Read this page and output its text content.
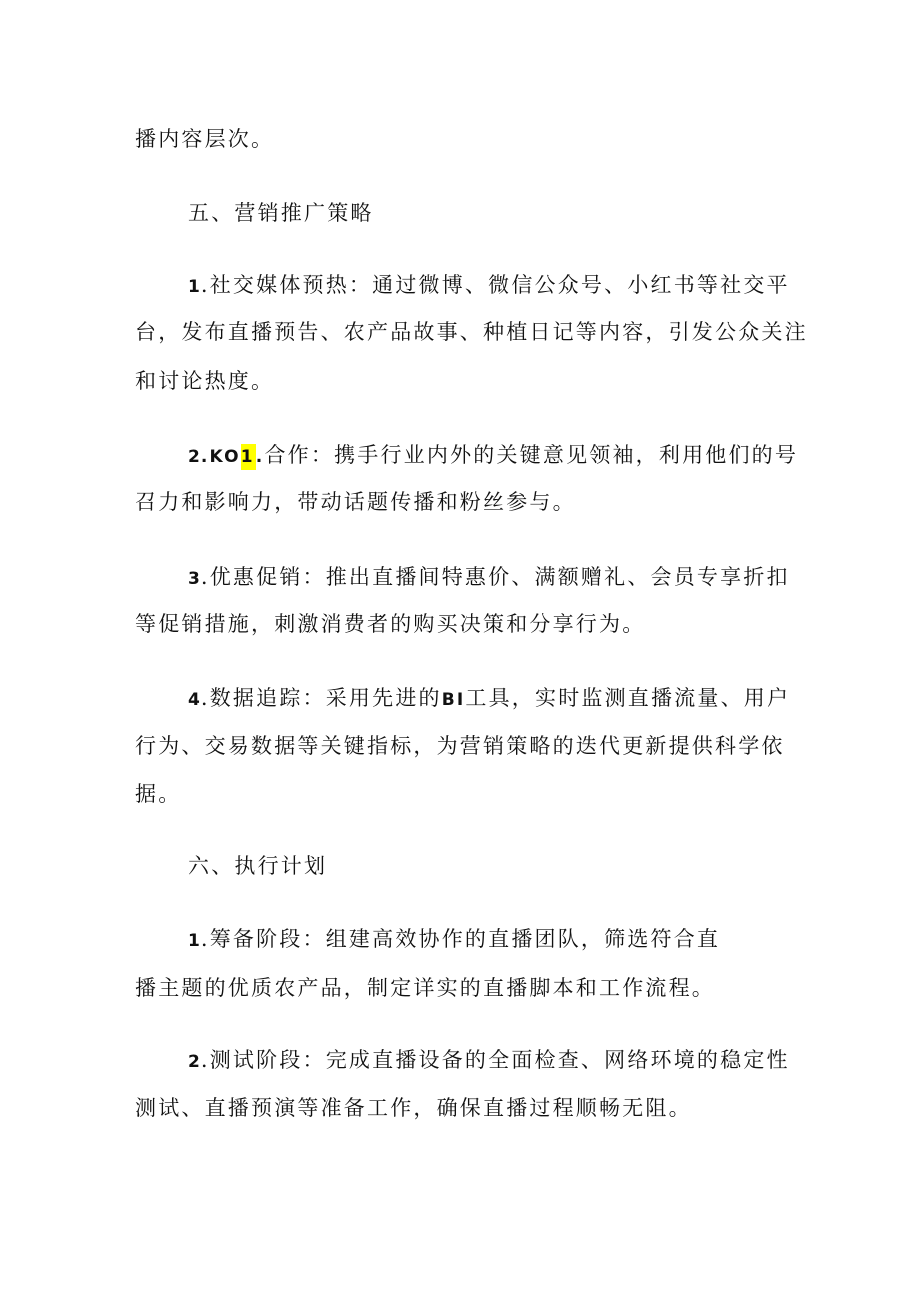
播内容层次。
五、营销推广策略
1.社交媒体预热：通过微博、微信公众号、小红书等社交平
台，发布直播预告、农产品故事、种植日记等内容，引发公众关注
和讨论热度。
2.KO1.合作：携手行业内外的关键意见领袖，利用他们的号
召力和影响力，带动话题传播和粉丝参与。
3.优惠促销：推出直播间特惠价、满额赠礼、会员专享折扣
等促销措施，刺激消费者的购买决策和分享行为。
4.数据追踪：采用先进的BI工具，实时监测直播流量、用户
行为、交易数据等关键指标，为营销策略的迭代更新提供科学依
据。
六、执行计划
1.筹备阶段：组建高效协作的直播团队，筛选符合直
播主题的优质农产品，制定详实的直播脚本和工作流程。
2.测试阶段：完成直播设备的全面检查、网络环境的稳定性
测试、直播预演等准备工作，确保直播过程顺畅无阻。
